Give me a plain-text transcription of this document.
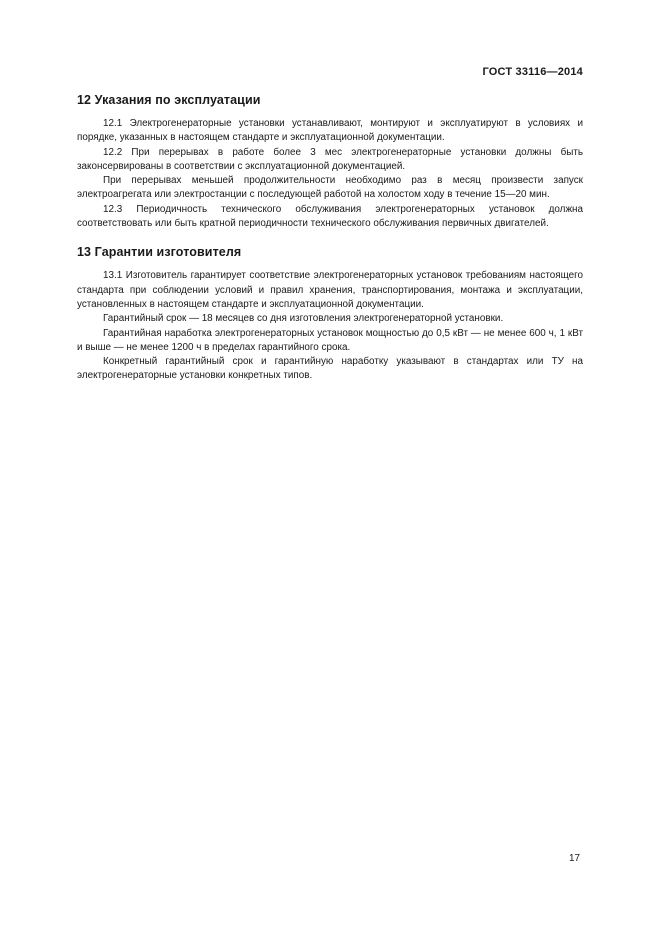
ГОСТ 33116—2014
12 Указания по эксплуатации

12.1 Электрогенераторные установки устанавливают, монтируют и эксплуатируют в условиях и порядке, указанных в настоящем стандарте и эксплуатационной документации.

12.2 При перерывах в работе более 3 мес электрогенераторные установки должны быть законсервированы в соответствии с эксплуатационной документацией.

При перерывах меньшей продолжительности необходимо раз в месяц произвести запуск электроагрегата или электростанции с последующей работой на холостом ходу в течение 15—20 мин.

12.3 Периодичность технического обслуживания электрогенераторных установок должна соответствовать или быть кратной периодичности технического обслуживания первичных двигателей.

13 Гарантии изготовителя

13.1 Изготовитель гарантирует соответствие электрогенераторных установок требованиям настоящего стандарта при соблюдении условий и правил хранения, транспортирования, монтажа и эксплуатации, установленных в настоящем стандарте и эксплуатационной документации.

Гарантийный срок — 18 месяцев со дня изготовления электрогенераторной установки.

Гарантийная наработка электрогенераторных установок мощностью до 0,5 кВт — не менее 600 ч, 1 кВт и выше — не менее 1200 ч в пределах гарантийного срока.

Конкретный гарантийный срок и гарантийную наработку указывают в стандартах или ТУ на электрогенераторные установки конкретных типов.

17
